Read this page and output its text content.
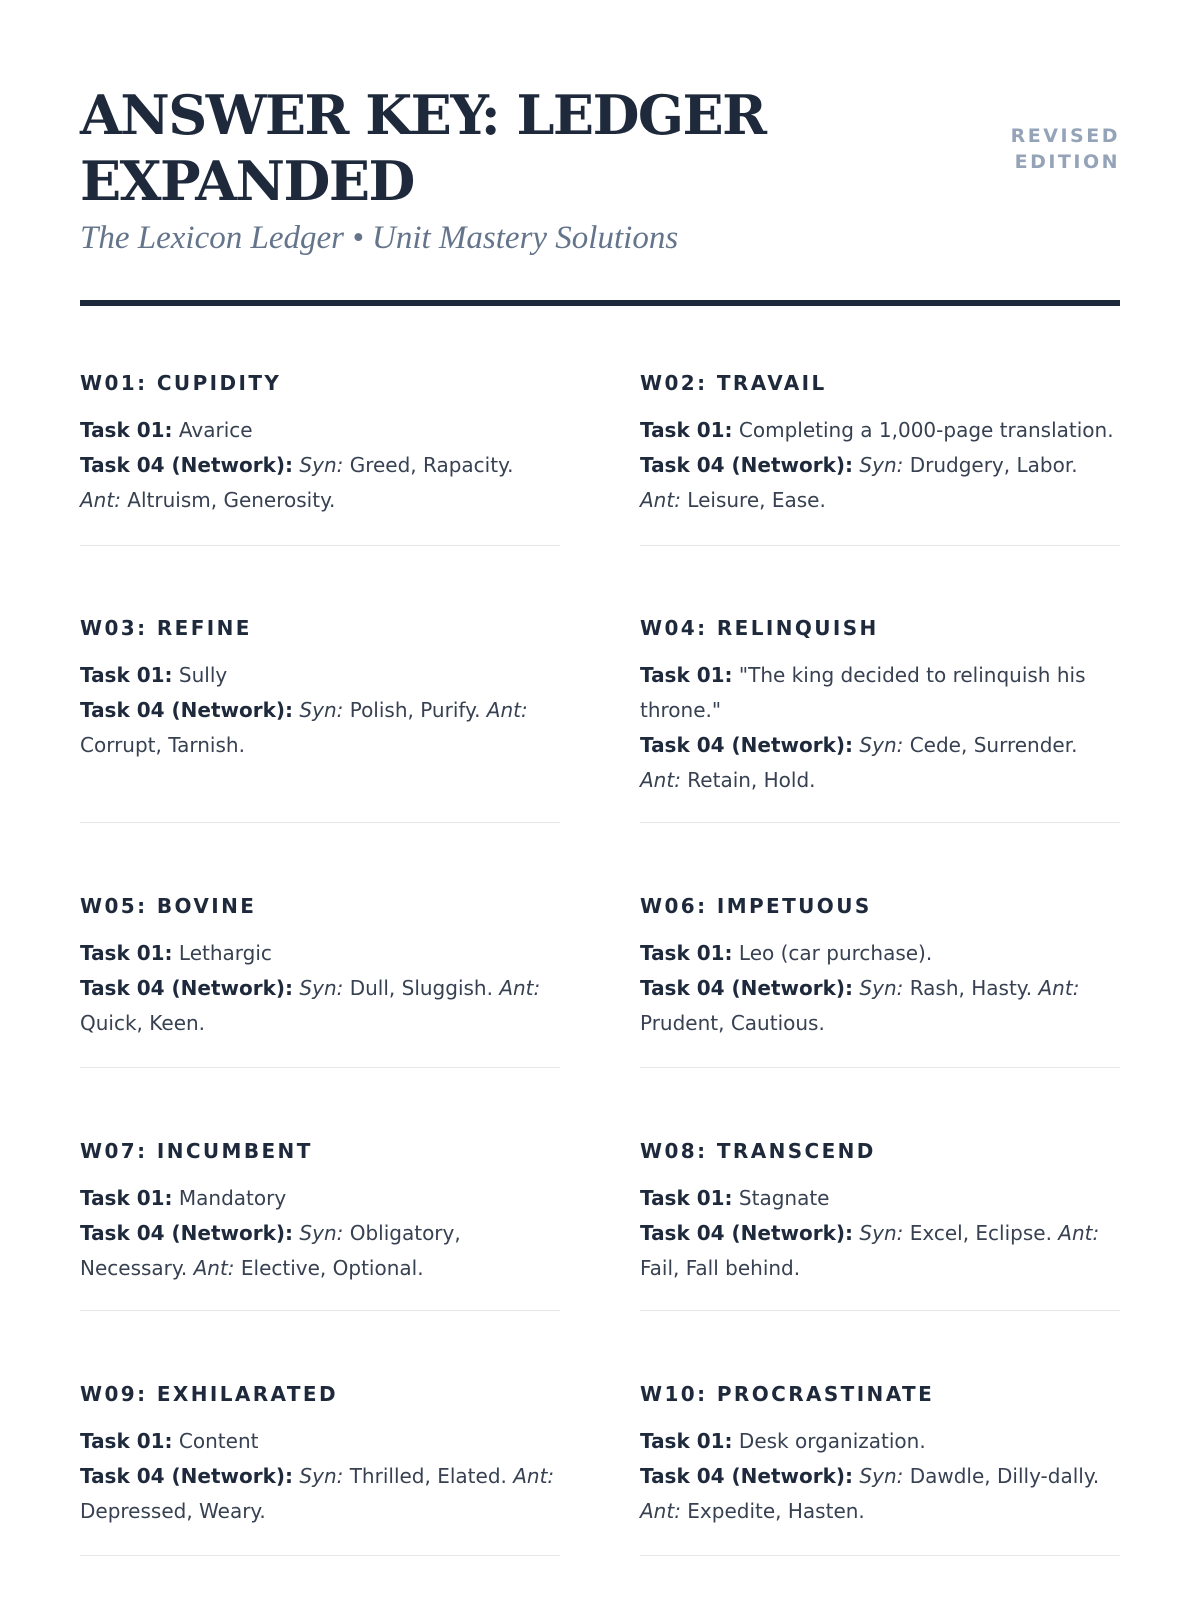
ANSWER KEY: LEDGER EXPANDED
The Lexicon Ledger • Unit Mastery Solutions
REVISED EDITION
W01: CUPIDITY
Task 01: Avarice
Task 04 (Network): Syn: Greed, Rapacity. Ant: Altruism, Generosity.
W02: TRAVAIL
Task 01: Completing a 1,000-page translation.
Task 04 (Network): Syn: Drudgery, Labor. Ant: Leisure, Ease.
W03: REFINE
Task 01: Sully
Task 04 (Network): Syn: Polish, Purify. Ant: Corrupt, Tarnish.
W04: RELINQUISH
Task 01: "The king decided to relinquish his throne."
Task 04 (Network): Syn: Cede, Surrender. Ant: Retain, Hold.
W05: BOVINE
Task 01: Lethargic
Task 04 (Network): Syn: Dull, Sluggish. Ant: Quick, Keen.
W06: IMPETUOUS
Task 01: Leo (car purchase).
Task 04 (Network): Syn: Rash, Hasty. Ant: Prudent, Cautious.
W07: INCUMBENT
Task 01: Mandatory
Task 04 (Network): Syn: Obligatory, Necessary. Ant: Elective, Optional.
W08: TRANSCEND
Task 01: Stagnate
Task 04 (Network): Syn: Excel, Eclipse. Ant: Fail, Fall behind.
W09: EXHILARATED
Task 01: Content
Task 04 (Network): Syn: Thrilled, Elated. Ant: Depressed, Weary.
W10: PROCRASTINATE
Task 01: Desk organization.
Task 04 (Network): Syn: Dawdle, Dilly-dally. Ant: Expedite, Hasten.
